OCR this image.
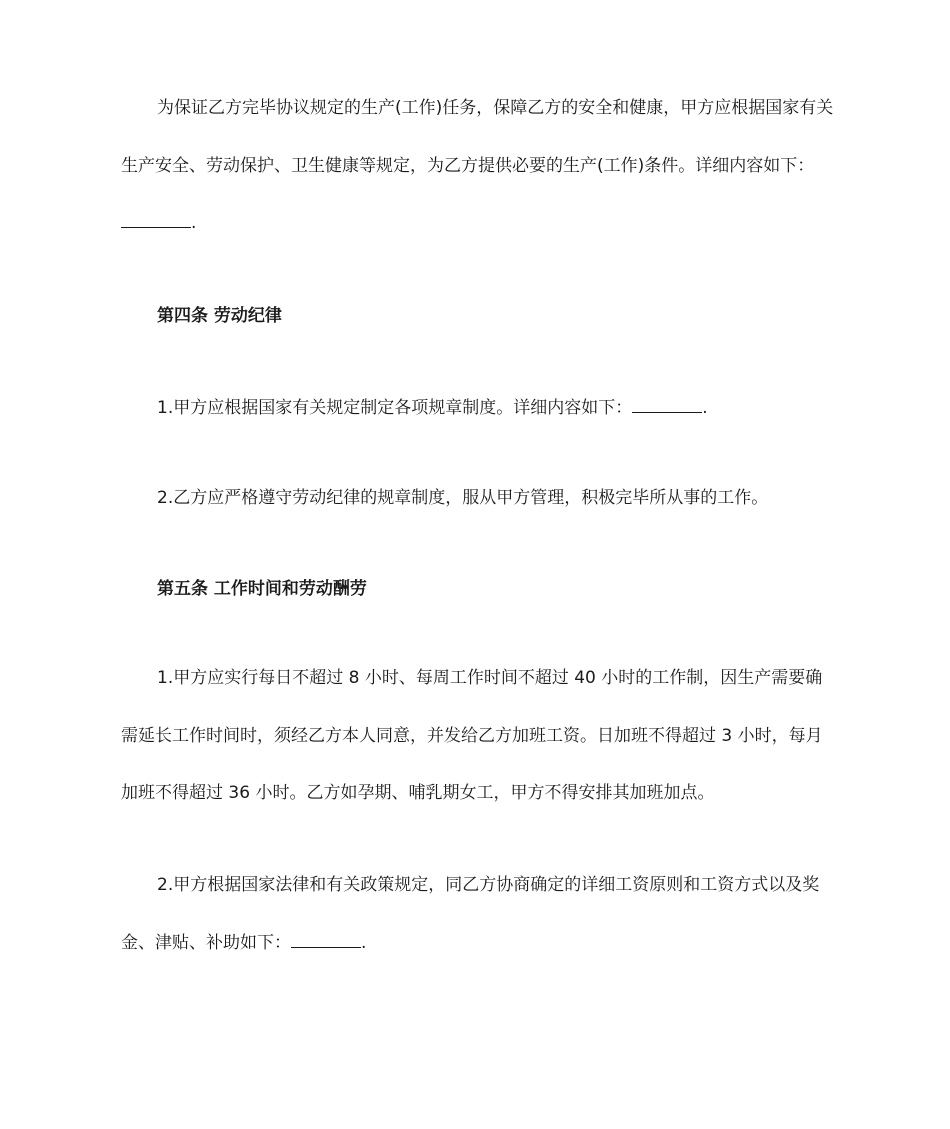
为保证乙方完毕协议规定的生产(工作)任务，保障乙方的安全和健康，甲方应根据国家有关生产安全、劳动保护、卫生健康等规定，为乙方提供必要的生产(工作)条件。详细内容如下：.
第四条 劳动纪律
1.甲方应根据国家有关规定制定各项规章制度。详细内容如下：	.
2.乙方应严格遵守劳动纪律的规章制度，服从甲方管理，积极完毕所从事的工作。
第五条 工作时间和劳动酬劳
1.甲方应实行每日不超过 8 小时、每周工作时间不超过 40 小时的工作制，因生产需要确需延长工作时间时，须经乙方本人同意，并发给乙方加班工资。日加班不得超过 3 小时，每月加班不得超过 36 小时。乙方如孕期、哺乳期女工，甲方不得安排其加班加点。
2.甲方根据国家法律和有关政策规定，同乙方协商确定的详细工资原则和工资方式以及奖金、津贴、补助如下：	.
